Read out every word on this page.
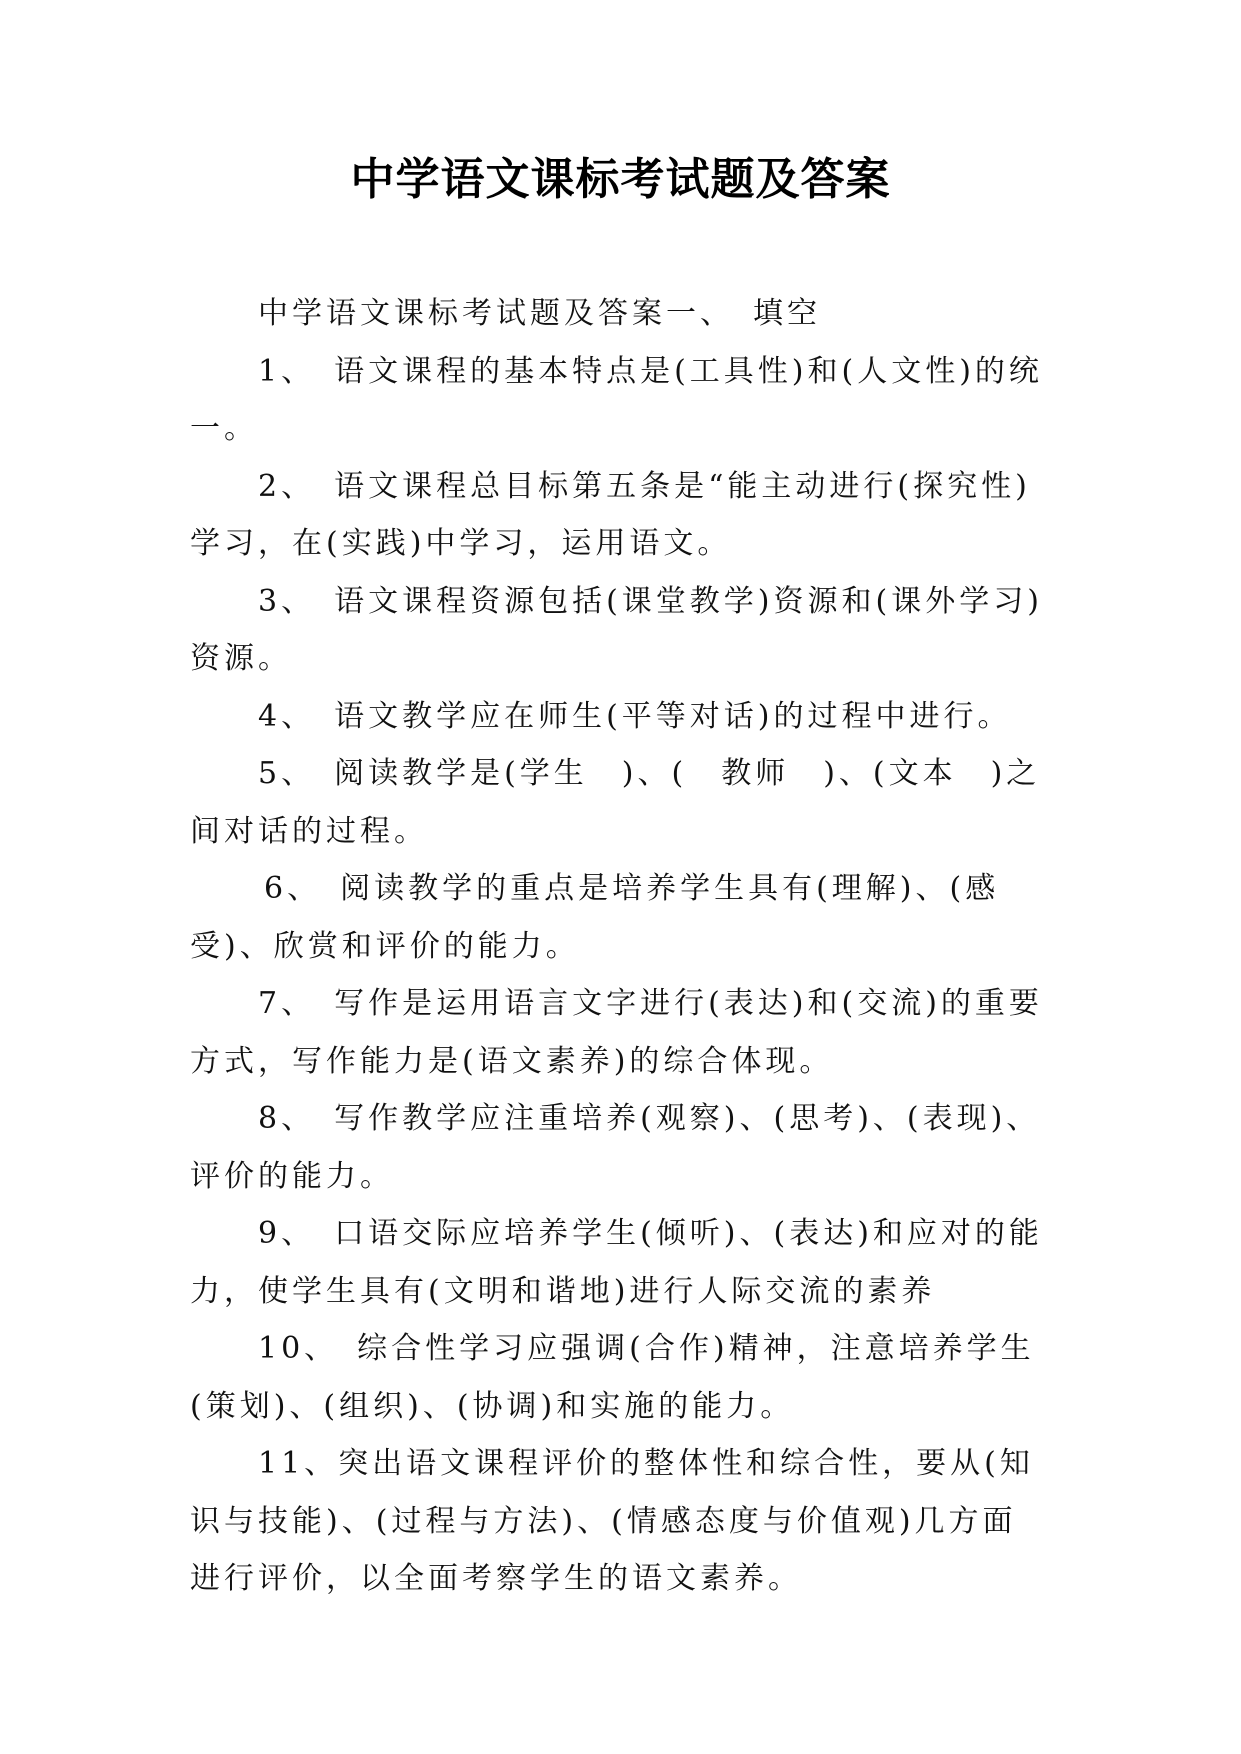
中学语文课标考试题及答案

中学语文课标考试题及答案一、　填空

1、　语文课程的基本特点是(工具性)和(人文性)的统一。

2、　语文课程总目标第五条是“能主动进行(探究性)学习，在(实践)中学习，运用语文。

3、　语文课程资源包括(课堂教学)资源和(课外学习)资源。

4、　语文教学应在师生(平等对话)的过程中进行。

5、　阅读教学是(学生　)、(　教师　)、(文本　)之间对话的过程。

6、　阅读教学的重点是培养学生具有(理解)、(感受)、欣赏和评价的能力。

7、　写作是运用语言文字进行(表达)和(交流)的重要方式，写作能力是(语文素养)的综合体现。

8、　写作教学应注重培养(观察)、(思考)、(表现)、评价的能力。

9、　口语交际应培养学生(倾听)、(表达)和应对的能力，使学生具有(文明和谐地)进行人际交流的素养

10、　综合性学习应强调(合作)精神，注意培养学生(策划)、(组织)、(协调)和实施的能力。

11、突出语文课程评价的整体性和综合性，要从(知识与技能)、(过程与方法)、(情感态度与价值观)几方面进行评价，以全面考察学生的语文素养。
